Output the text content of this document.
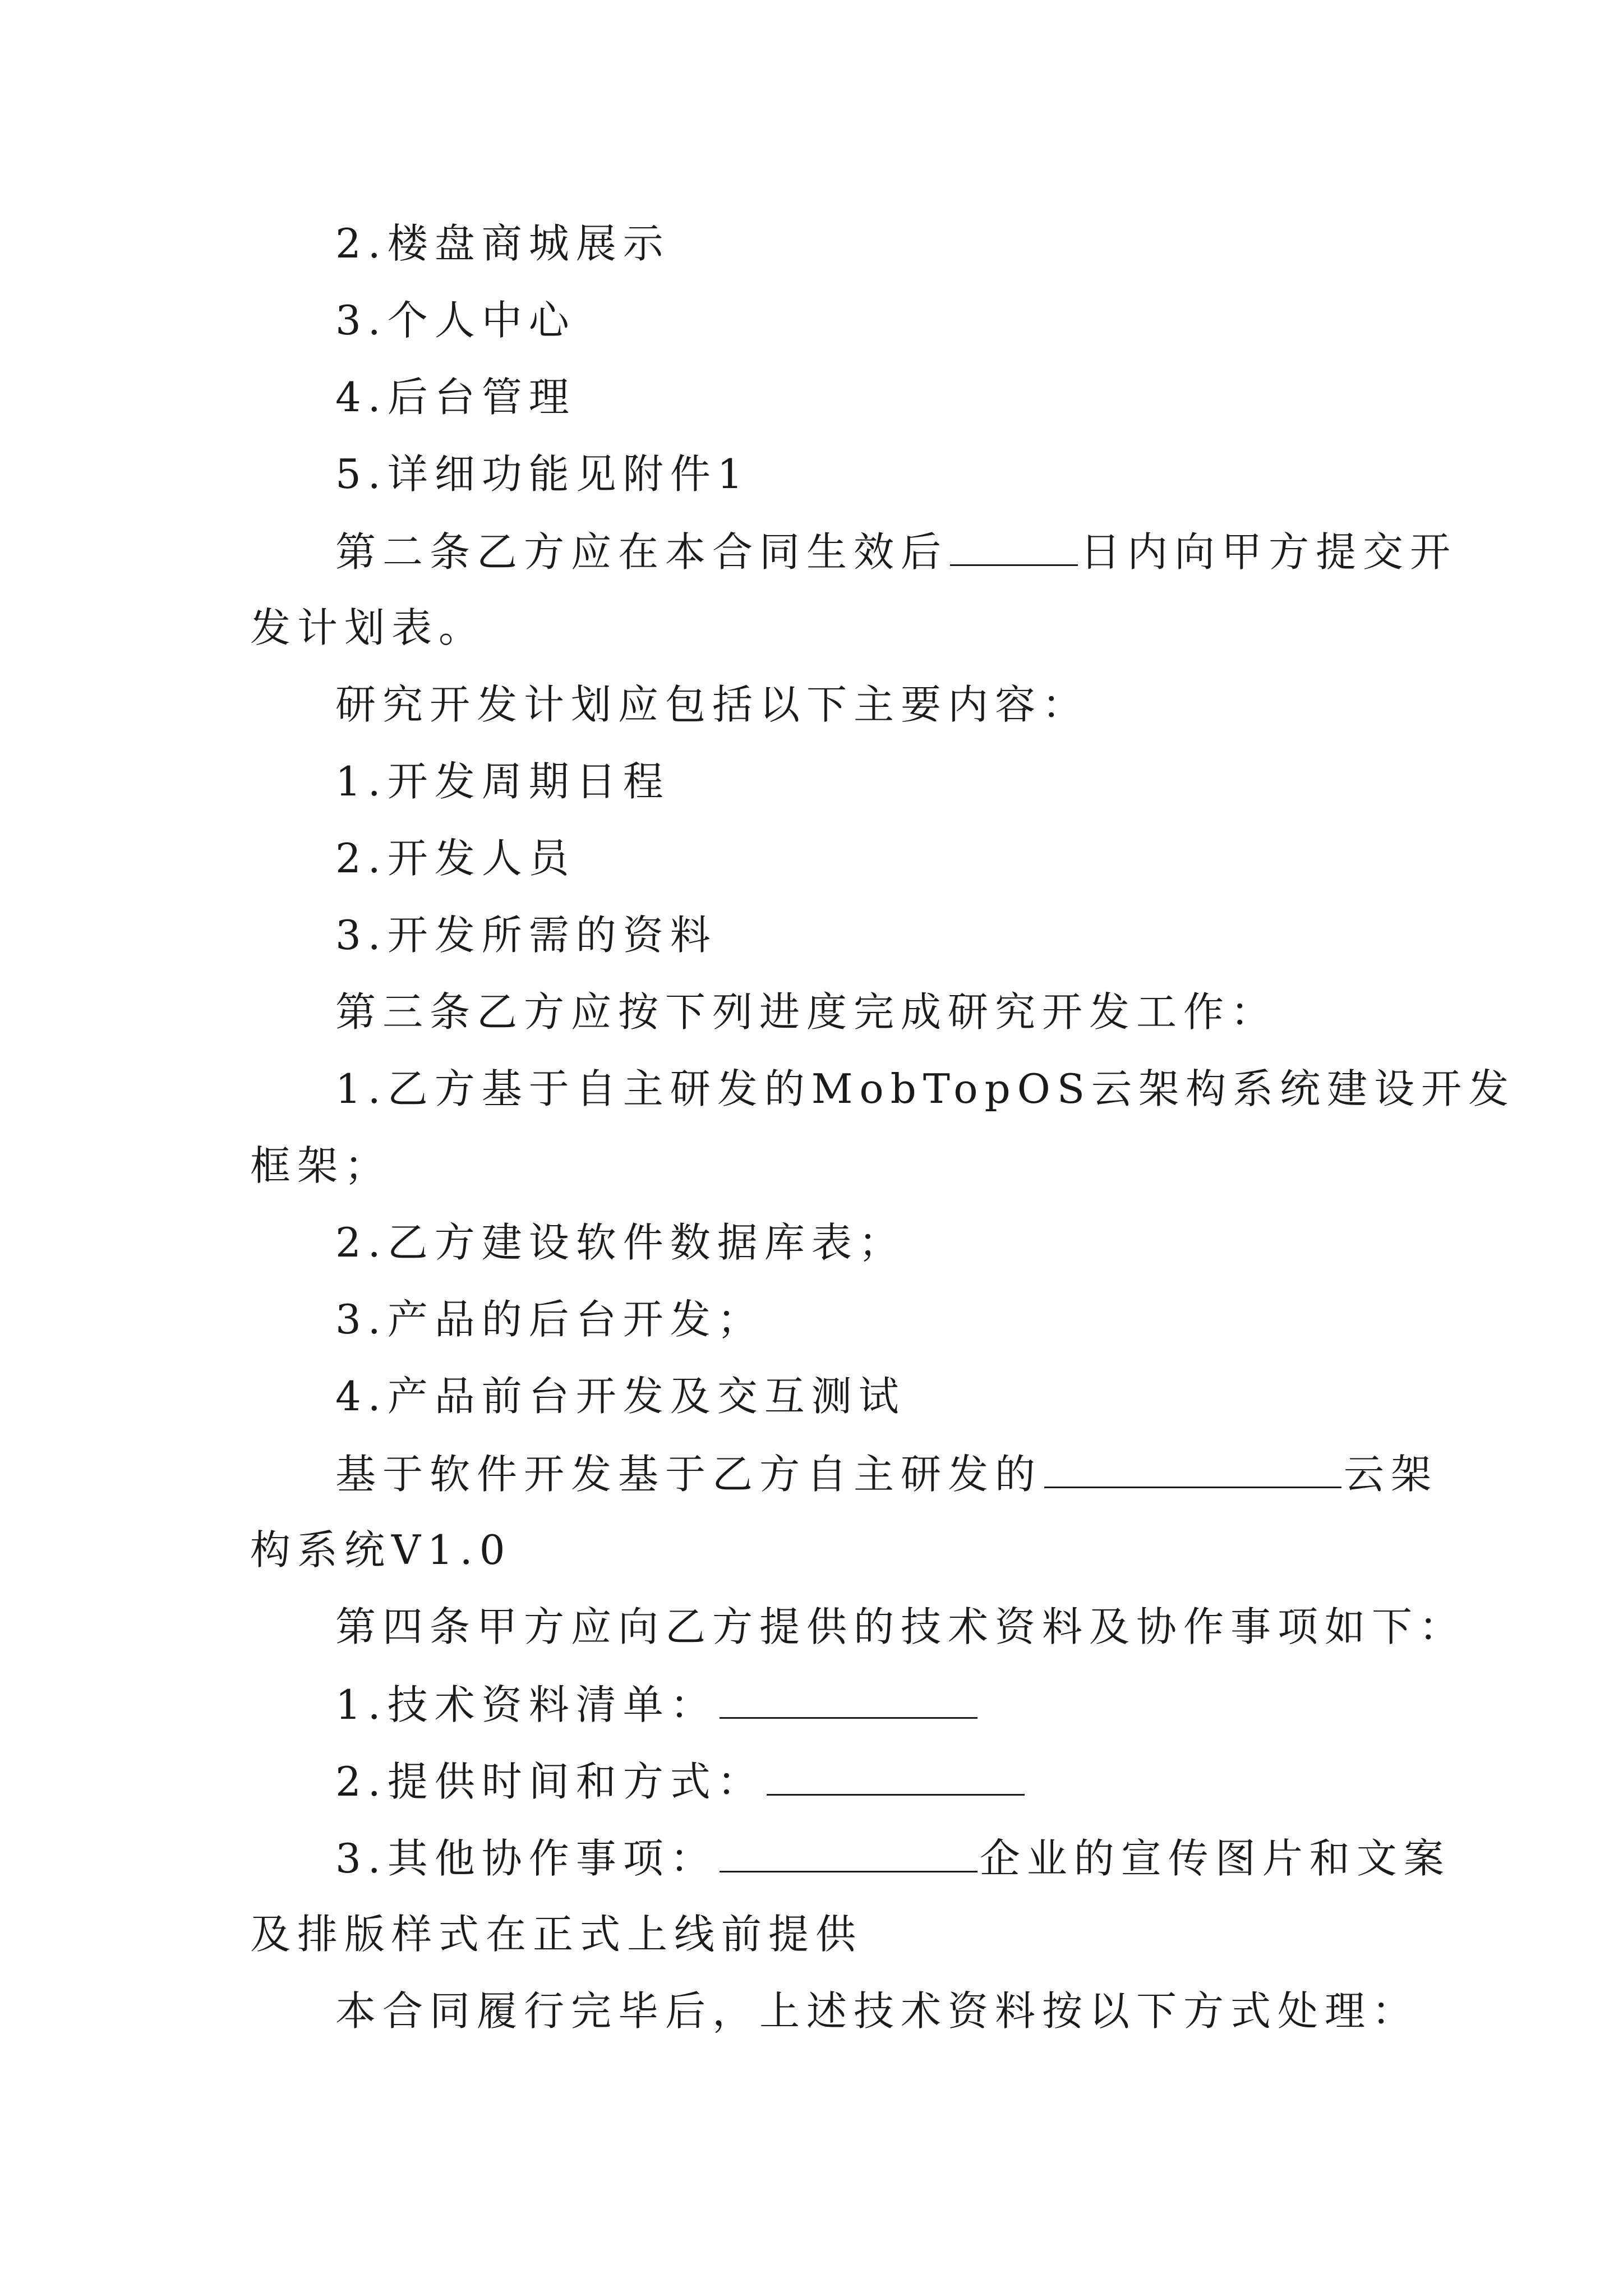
2.楼盘商城展示
3.个人中心
4.后台管理
5.详细功能见附件1
第二条乙方应在本合同生效后	日内向甲方提交开
发计划表。
研究开发计划应包括以下主要内容：
1.开发周期日程
2.开发人员
3.开发所需的资料
第三条乙方应按下列进度完成研究开发工作：
1.乙方基于自主研发的MobTopOS云架构系统建设开发
框架；
2.乙方建设软件数据库表；
3.产品的后台开发；
4.产品前台开发及交互测试
基于软件开发基于乙方自主研发的	云架
构系统V1.0
第四条甲方应向乙方提供的技术资料及协作事项如下：
1.技术资料清单：
2.提供时间和方式：
3.其他协作事项：	企业的宣传图片和文案
及排版样式在正式上线前提供
本合同履行完毕后，上述技术资料按以下方式处理：
